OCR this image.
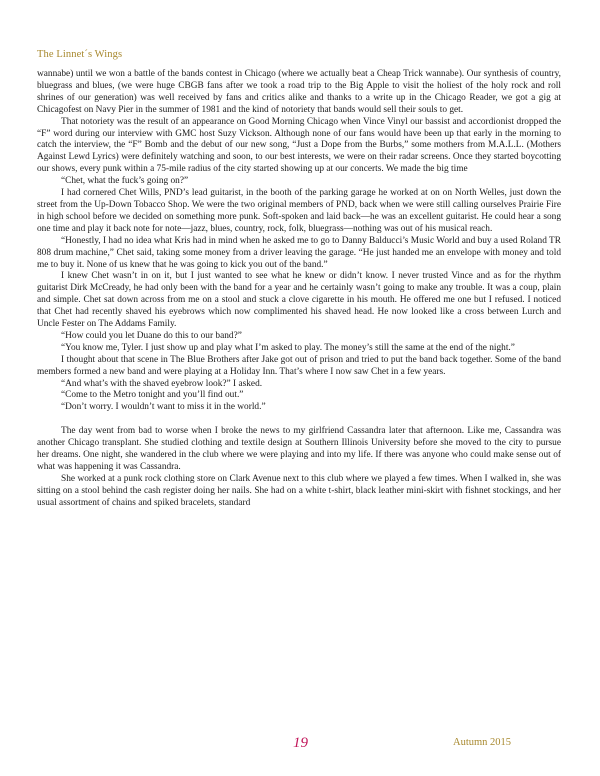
The Linnet´s Wings

wannabe) until we won a battle of the bands contest in Chicago (where we actually beat a Cheap Trick wannabe). Our synthesis of country, bluegrass and blues, (we were huge CBGB fans after we took a road trip to the Big Apple to visit the holiest of the holy rock and roll shrines of our generation) was well received by fans and critics alike and thanks to a write up in the Chicago Reader, we got a gig at Chicagofest on Navy Pier in the summer of 1981 and the kind of notoriety that bands would sell their souls to get.

That notoriety was the result of an appearance on Good Morning Chicago when Vince Vinyl our bassist and accordionist dropped the “F” word during our interview with GMC host Suzy Vickson. Although none of our fans would have been up that early in the morning to catch the interview, the “F” Bomb and the debut of our new song, “Just a Dope from the Burbs,” some mothers from M.A.L.L. (Mothers Against Lewd Lyrics) were definitely watching and soon, to our best interests, we were on their radar screens. Once they started boycotting our shows, every punk within a 75-mile radius of the city started showing up at our concerts. We made the big time

“Chet, what the fuck’s going on?”

I had cornered Chet Wills, PND’s lead guitarist, in the booth of the parking garage he worked at on on North Welles, just down the street from the Up-Down Tobacco Shop. We were the two original members of PND, back when we were still calling ourselves Prairie Fire in high school before we decided on something more punk. Soft-spoken and laid back—he was an excellent guitarist. He could hear a song one time and play it back note for note—jazz, blues, country, rock, folk, bluegrass—nothing was out of his musical reach.

“Honestly, I had no idea what Kris had in mind when he asked me to go to Danny Balducci’s Music World and buy a used Roland TR 808 drum machine,” Chet said, taking some money from a driver leaving the garage. “He just handed me an envelope with money and told me to buy it. None of us knew that he was going to kick you out of the band.”

I knew Chet wasn’t in on it, but I just wanted to see what he knew or didn’t know. I never trusted Vince and as for the rhythm guitarist Dirk McCready, he had only been with the band for a year and he certainly wasn’t going to make any trouble. It was a coup, plain and simple. Chet sat down across from me on a stool and stuck a clove cigarette in his mouth. He offered me one but I refused. I noticed that Chet had recently shaved his eyebrows which now complimented his shaved head. He now looked like a cross between Lurch and Uncle Fester on The Addams Family.

“How could you let Duane do this to our band?”

“You know me, Tyler. I just show up and play what I’m asked to play. The money’s still the same at the end of the night.”

I thought about that scene in The Blue Brothers after Jake got out of prison and tried to put the band back together. Some of the band members formed a new band and were playing at a Holiday Inn. That’s where I now saw Chet in a few years.

“And what’s with the shaved eyebrow look?” I asked.

“Come to the Metro tonight and you’ll find out.”

“Don’t worry. I wouldn’t want to miss it in the world.”

The day went from bad to worse when I broke the news to my girlfriend Cassandra later that afternoon. Like me, Cassandra was another Chicago transplant. She studied clothing and textile design at Southern Illinois University before she moved to the city to pursue her dreams. One night, she wandered in the club where we were playing and into my life. If there was anyone who could make sense out of what was happening it was Cassandra.

She worked at a punk rock clothing store on Clark Avenue next to this club where we played a few times. When I walked in, she was sitting on a stool behind the cash register doing her nails. She had on a white t-shirt, black leather mini-skirt with fishnet stockings, and her usual assortment of chains and spiked bracelets, standard

19	Autumn 2015
